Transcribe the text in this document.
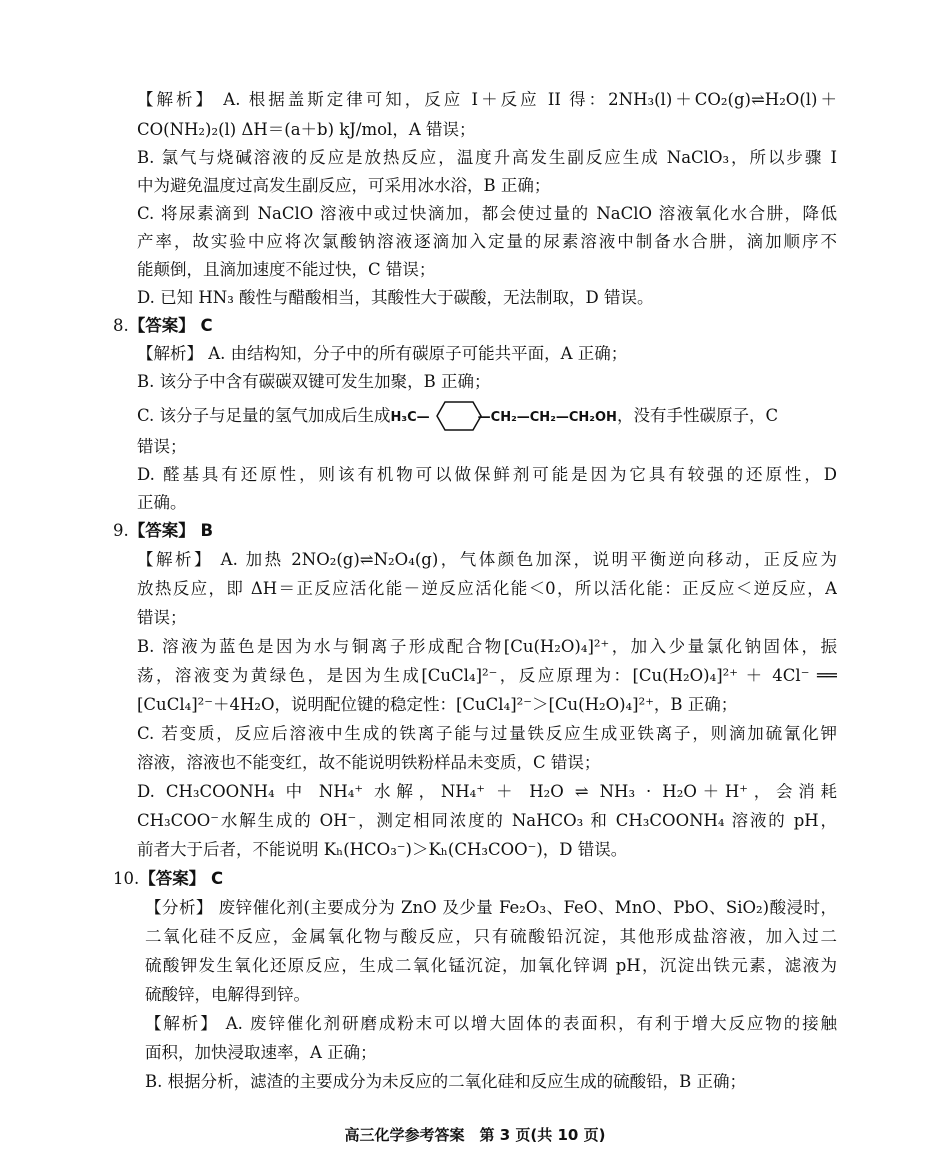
【解析】 A. 根据盖斯定律可知，反应 I＋反应 II 得：2NH₃(l)＋CO₂(g)⇌H₂O(l)＋
CO(NH₂)₂(l) ΔH＝(a＋b) kJ/mol，A 错误；
B. 氯气与烧碱溶液的反应是放热反应，温度升高发生副反应生成 NaClO₃，所以步骤 I
中为避免温度过高发生副反应，可采用冰水浴，B 正确；
C. 将尿素滴到 NaClO 溶液中或过快滴加，都会使过量的 NaClO 溶液氧化水合肼，降低
产率，故实验中应将次氯酸钠溶液逐滴加入定量的尿素溶液中制备水合肼，滴加顺序不
能颠倒，且滴加速度不能过快，C 错误；
D. 已知 HN₃ 酸性与醋酸相当，其酸性大于碳酸，无法制取，D 错误。
8.【答案】 C
【解析】 A. 由结构知，分子中的所有碳原子可能共平面，A 正确；
B. 该分子中含有碳碳双键可发生加聚，B 正确；
C. 该分子与足量的氢气加成后生成H₃C—	—CH₂—CH₂—CH₂OH，没有手性碳原子，C
错误；
D. 醛基具有还原性，则该有机物可以做保鲜剂可能是因为它具有较强的还原性，D
正确。
9.【答案】 B
【解析】 A. 加热 2NO₂(g)⇌N₂O₄(g)，气体颜色加深，说明平衡逆向移动，正反应为
放热反应，即 ΔH＝正反应活化能－逆反应活化能＜0，所以活化能：正反应＜逆反应，A
错误；
B. 溶液为蓝色是因为水与铜离子形成配合物[Cu(H₂O)₄]²⁺，加入少量氯化钠固体，振
荡，溶液变为黄绿色，是因为生成[CuCl₄]²⁻，反应原理为：[Cu(H₂O)₄]²⁺ ＋ 4Cl⁻ ══
[CuCl₄]²⁻＋4H₂O，说明配位键的稳定性：[CuCl₄]²⁻＞[Cu(H₂O)₄]²⁺，B 正确；
C. 若变质，反应后溶液中生成的铁离子能与过量铁反应生成亚铁离子，则滴加硫氰化钾
溶液，溶液也不能变红，故不能说明铁粉样品未变质，C 错误；
D. CH₃COONH₄ 中 NH₄⁺ 水解，NH₄⁺ ＋ H₂O ⇌ NH₃ · H₂O＋H⁺，会消耗
CH₃COO⁻水解生成的 OH⁻，测定相同浓度的 NaHCO₃ 和 CH₃COONH₄ 溶液的 pH，
前者大于后者，不能说明 Kₕ(HCO₃⁻)＞Kₕ(CH₃COO⁻)，D 错误。
10.【答案】 C
【分析】 废锌催化剂(主要成分为 ZnO 及少量 Fe₂O₃、FeO、MnO、PbO、SiO₂)酸浸时，
二氧化硅不反应，金属氧化物与酸反应，只有硫酸铅沉淀，其他形成盐溶液，加入过二
硫酸钾发生氧化还原反应，生成二氧化锰沉淀，加氧化锌调 pH，沉淀出铁元素，滤液为
硫酸锌，电解得到锌。
【解析】 A. 废锌催化剂研磨成粉末可以增大固体的表面积，有利于增大反应物的接触
面积，加快浸取速率，A 正确；
B. 根据分析，滤渣的主要成分为未反应的二氧化硅和反应生成的硫酸铅，B 正确；
高三化学参考答案　第 3 页(共 10 页)
